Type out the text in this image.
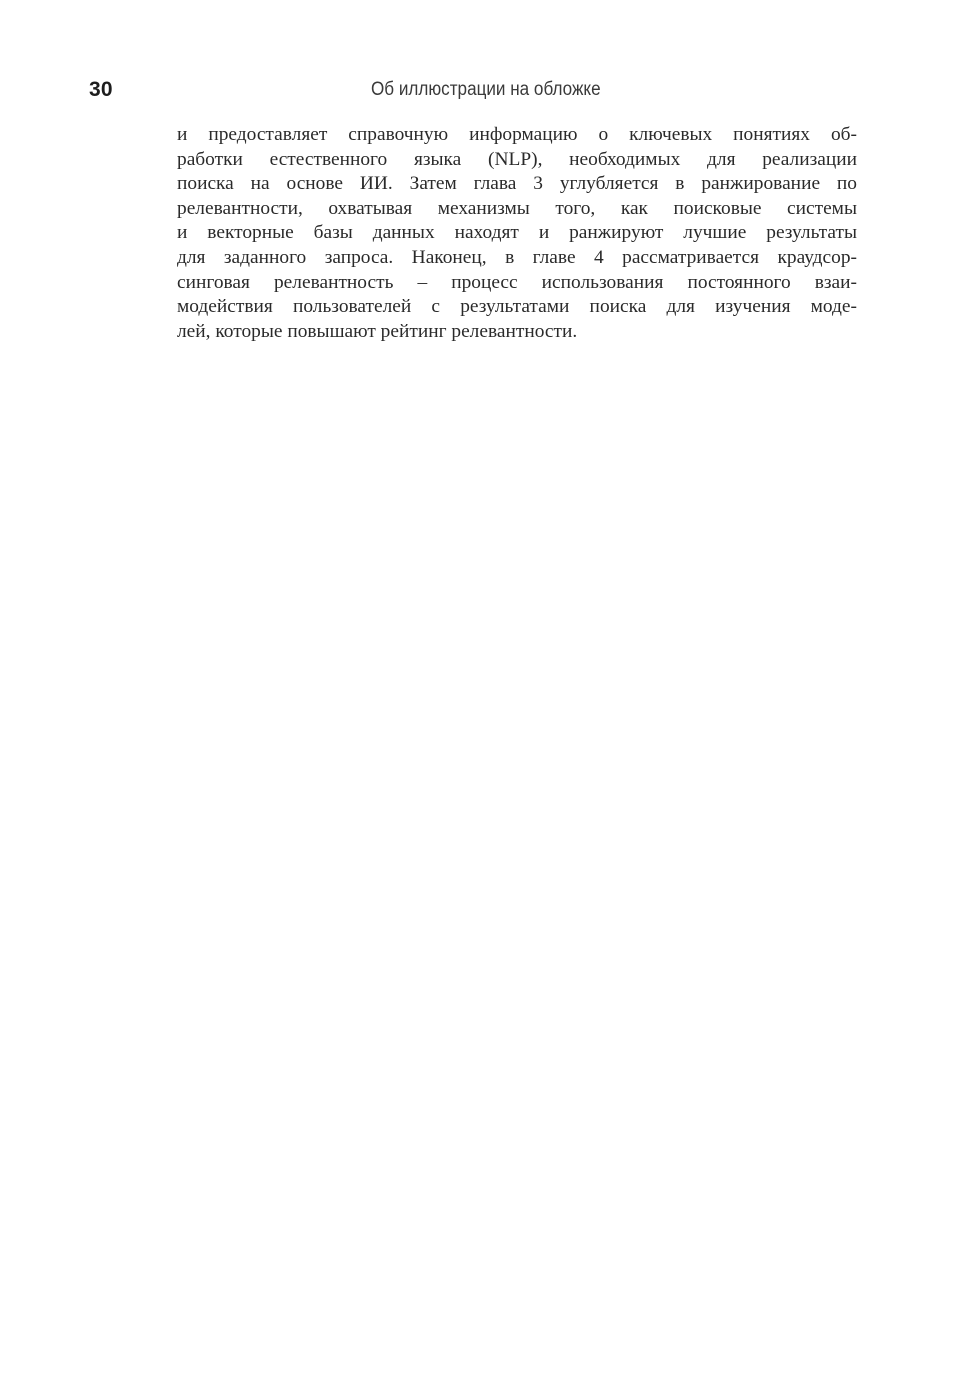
30	Об иллюстрации на обложке
и предоставляет справочную информацию о ключевых понятиях об-
работки естественного языка (NLP), необходимых для реализации
поиска на основе ИИ. Затем глава 3 углубляется в ранжирование по
релевантности, охватывая механизмы того, как поисковые системы
и векторные базы данных находят и ранжируют лучшие результаты
для заданного запроса. Наконец, в главе 4 рассматривается краудсор-
синговая релевантность – процесс использования постоянного взаи-
модействия пользователей с результатами поиска для изучения моде-
лей, которые повышают рейтинг релевантности.
